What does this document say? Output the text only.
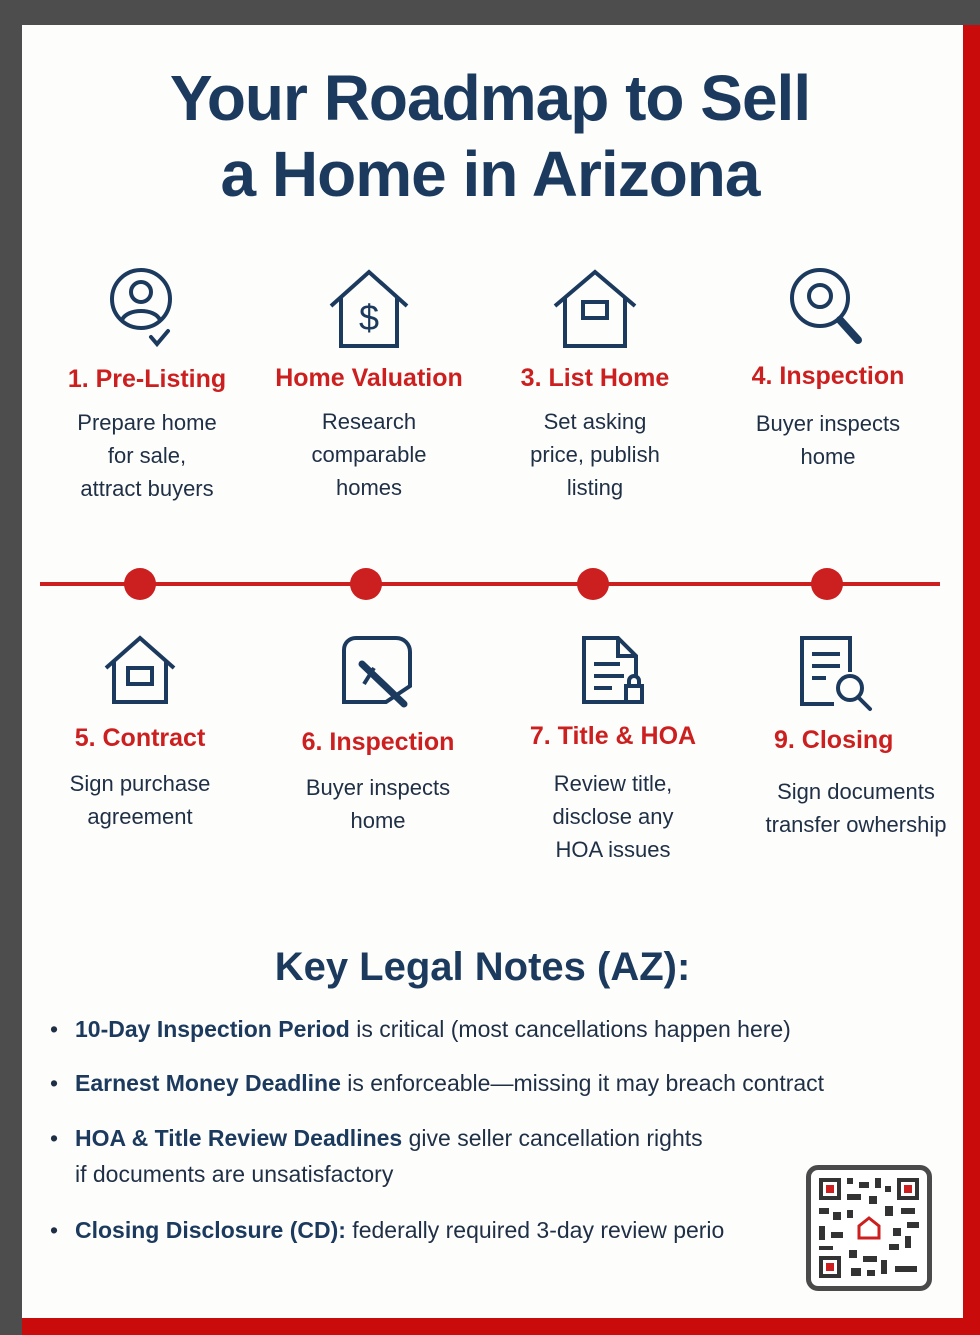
Your Roadmap to Sell
a Home in Arizona
1. Pre-Listing
Prepare home
for sale,
attract buyers
$
Home Valuation
Research
comparable
homes
3. List Home
Set asking
price, publish
listing
4. Inspection
Buyer inspects
home
5. Contract
Sign purchase
agreement
6. Inspection
Buyer inspects
home
7. Title & HOA
Review title,
disclose any
HOA issues
9. Closing
Sign documents
transfer owhership
Key Legal Notes (AZ):
• 10-Day Inspection Period is critical (most cancellations happen here)
• Earnest Money Deadline is enforceable—missing it may breach contract
• HOA & Title Review Deadlines give seller cancellation rights
if documents are unsatisfactory
• Closing Disclosure (CD): federally required 3-day review perio
